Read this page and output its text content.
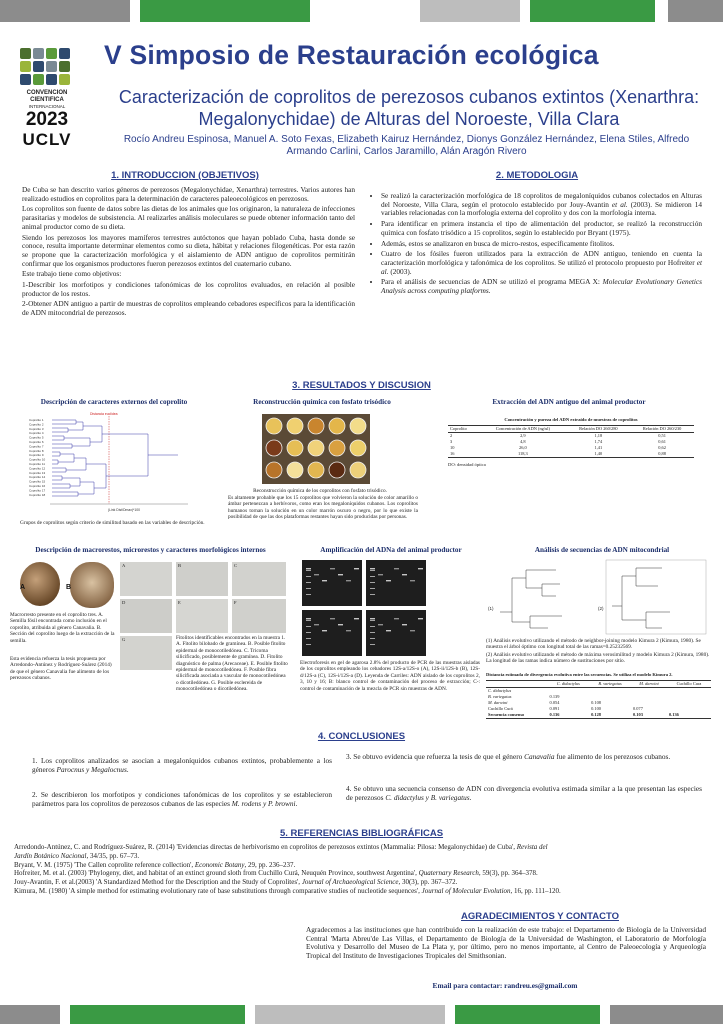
CONVENCION
CIENTIFICA
INTERNACIONAL
2023
UCLV
V Simposio de Restauración ecológica
Caracterización de coprolitos de perezosos cubanos extintos (Xenarthra: Megalonychidae) de Alturas del Noroeste, Villa Clara
Rocío Andreu Espinosa, Manuel A. Soto Fexas, Elizabeth Kairuz Hernández, Dionys González Hernández, Elena Stiles, Alfredo Armando Carlini, Carlos Jaramillo, Alán Aragón Rivero
1. INTRODUCCION (OBJETIVOS)

De Cuba se han descrito varios géneros de perezosos (Megalonychidae, Xenarthra) terrestres. Varios autores han realizado estudios en coprolitos para la determinación de caracteres paleoecológicos en perezosos.

Los coprolitos son fuente de datos sobre las dietas de los animales que los originaron, la naturaleza de infecciones parasitarias y modelos de subsistencia. Al realizarles análisis moleculares se puede obtener información tanto del animal productor como de su dieta.

Siendo los perezosos los mayores mamíferos terrestres autóctonos que hayan poblado Cuba, hasta donde se conoce, resulta importante determinar elementos como su dieta, hábitat y relaciones filogenéticas. Por esta razón se propone que la caracterización morfológica y el aislamiento de ADN antiguo de coprolitos permitirán confirmar que los organismos productores fueron perezosos extintos del cuaternario cubano.

Este trabajo tiene como objetivos:

1-Describir los morfotipos y condiciones tafonómicas de los coprolitos evaluados, en relación al posible productor de los restos.

2-Obtener ADN antiguo a partir de muestras de coprolitos empleando cebadores específicos para la identificación de ADN mitocondrial de perezosos.

2. METODOLOGIA
• Se realizó la caracterización morfológica de 18 coprolitos de megaloníquidos cubanos colectados en Alturas del Noroeste, Villa Clara, según el protocolo establecido por Jouy-Avantin et al. (2003). Se midieron 14 variables relacionadas con la morfología externa del coprolito y dos con la morfología interna.
• Para identificar en primera instancia el tipo de alimentación del productor, se realizó la reconstrucción química con fosfato trisódico a 15 coprolitos, según lo establecido por Bryant (1975).
• Además, estos se analizaron en busca de micro-restos, específicamente fitolitos.
• Cuatro de los fósiles fueron utilizados para la extracción de ADN antiguo, teniendo en cuenta la caracterización morfológica y tafonómica de los coprolitos. Se utilizó el protocolo propuesto por Hofreiter et al. (2003).
• Para el análisis de secuencias de ADN se utilizó el programa MEGA X: Molecular Evolutionary Genetics Analysis across computing platforms.
3. RESULTADOS Y DISCUSION
Descripción de caracteres externos del coprolito
Distancia euclidea
Coprolito 1
Coprolito 2
Coprolito 3
Coprolito 4
Coprolito 5
Coprolito 6
Coprolito 7
Coprolito 8
Coprolito 9
Coprolito 10
Coprolito 11
Coprolito 12
Coprolito 13
Coprolito 14
Coprolito 15
Coprolito 16
Coprolito 17
Coprolito 18
(Link Dist/Dmax)*100
Grupos de coprolitos según criterio de similitud basado en las variables de descripción.
Reconstrucción química con fosfato trisódico
Reconstrucción química de los coprolitos con fosfato trisódico.
Es altamente probable que los 15 coprolitos que volvieron la solución de color amarillo o ámbar pertenezcan a herbívoros, como eran los megaloníquidos cubanos. Los coprolitos humanos tornan la solución en un color marrón oscuro o negro, por lo que existe la posibilidad de que las dos plataformas restantes hayan sido producidas por personas.
Extracción del ADN antiguo del animal productor
Concentración y pureza del ADN extraído de muestras de coprolitos
Coprolito	Concentración de ADN (ng/ul)	Relación DO 260/280	Relación DO 260/230
2	2,9	1,18	0,51
3	4,8	1,74	0,61
10	26,0	1,41	0,62
16	118,3	1,40	0,88
DO: densidad óptica
Descripción de macrorestos, microrestos y caracteres morfológicos internos
A	B
Macrorresto presente en el coprolito tres. A. Semilla fósil encontrada como inclusión en el coprolito, atribuida al género Canavalia. B. Sección del coprolito luego de la extracción de la semilla.
Esta evidencia refuerza la tesis propuesta por Arredondo-Antúnez y Rodríguez-Suárez (2014) de que el género Canavalia fue alimento de los perezosos cubanos.
A	B	C
D	E	F
G	Fitolitos identificables encontrados en la muestra 1. A. Fitolito bilobado de gramínea. B. Posible fitolito epidermal de monocotiledónea. C. Tricoma silicificado, posiblemente de gramínea. D. Fitolito diagnóstico de palma (Arecaceae). E. Posible fitolito epidermal de monocotiledónea. F. Posible fibra silicificada asociada a vascular de monocotiledónea o dicotiledónea. G. Posible esclereida de monocotiledónea o dicotiledónea.
Amplificación del ADNa del animal productor
Electroforesis en gel de agarosa 2.8% del producto de PCR de las muestras aisladas de los coprolitos empleando los cebadores 12S-a/12S-o (A), 12S-ii/12S-b (B), 12S-d/12S-a (C), 12S-i/12S-a (D). Leyenda de Carriles: ADN aislado de los coprolitos 2, 3, 10 y 16; B: blanco control de contaminación del proceso de extracción; C-: control de contaminación de la mezcla de PCR sin muestras de ADN.
Análisis de secuencias de ADN mitocondrial
(1)	(2)
(1) Análisis evolutivo utilizando el método de neighbor-joining modelo Kimura 2 (Kimura, 1980). Se muestra el árbol óptimo con longitud total de las ramas=0.25232569.
(2) Análisis evolutivo utilizando el método de máxima verosimilitud y modelo Kimura 2 (Kimura, 1980). La longitud de las ramas indica número de sustituciones por sitio.
Distancia estimada de divergencia evolutiva entre las secuencias. Se utiliza el modelo Kimura 2.
	C. didactylus	B. variegatus	M. darwini	Cuchillo Cura
C. didactylus				
B. variegatus	0.139			
M. darwini	0.054	0.108		
Cuchillo Curá	0.091	0.100	0.077	
Secuencia consenso	0.136	0.128	0.103	0.136
4. CONCLUSIONES
1. Los coprolitos analizados se asocian a megaloníquidos cubanos extintos, probablemente a los géneros Parocnus y Megalocnus.
2. Se describieron los morfotipos y condiciones tafonómicas de los coprolitos y se establecieron parámetros para los coprolitos de perezosos cubanos de las especies M. rodens y P. browni.
3. Se obtuvo evidencia que refuerza la tesis de que el género Canavalia fue alimento de los perezosos cubanos.
4. Se obtuvo una secuencia consenso de ADN con divergencia evolutiva estimada similar a la que presentan las especies de perezosos C. didactylus y B. variegatus.
5. REFERENCIAS BIBLIOGRÁFICAS
Arredondo-Antúnez, C. and Rodríguez-Suárez, R. (2014) 'Evidencias directas de herbivorismo en coprolitos de perezosos extintos (Mammalia: Pilosa: Megalonychidae) de Cuba', Revista del
Jardín Botánico Nacional, 34/35, pp. 67–73.
Bryant, V. M. (1975) 'The Callen coprolite reference collection', Economic Botany, 29, pp. 236–237.
Hofreiter, M. et al. (2003) 'Phylogeny, diet, and habitat of an extinct ground sloth from Cuchillo Curá, Neuquén Province, southwest Argentina', Quaternary Research, 59(3), pp. 364–378.
Jouy-Avantin, F. et al.(2003) 'A Standardized Method for the Description and the Study of Coprolites', Journal of Archaeological Science, 30(3), pp. 367–372.
Kimura, M. (1980) 'A simple method for estimating evolutionary rate of base substitutions through comparative studies of nucleotide sequences', Journal of Molecular Evolution, 16, pp. 111–120.
AGRADECIMIENTOS Y CONTACTO
Agradecemos a las instituciones que han contribuido con la realización de este trabajo: el Departamento de Biología de la Universidad Central 'Marta Abreu'de Las Villas, el Departamento de Biología de la Universidad de Washington, el Laboratorio de Morfología Evolutiva y Desarrollo del Museo de La Plata y, por último, pero no menos importante, al Centro de Paleoecología y Arqueología Tropical del Instituto de Investigaciones Tropicales del Smithsonian.
Email para contactar: randreu.es@gmail.com
